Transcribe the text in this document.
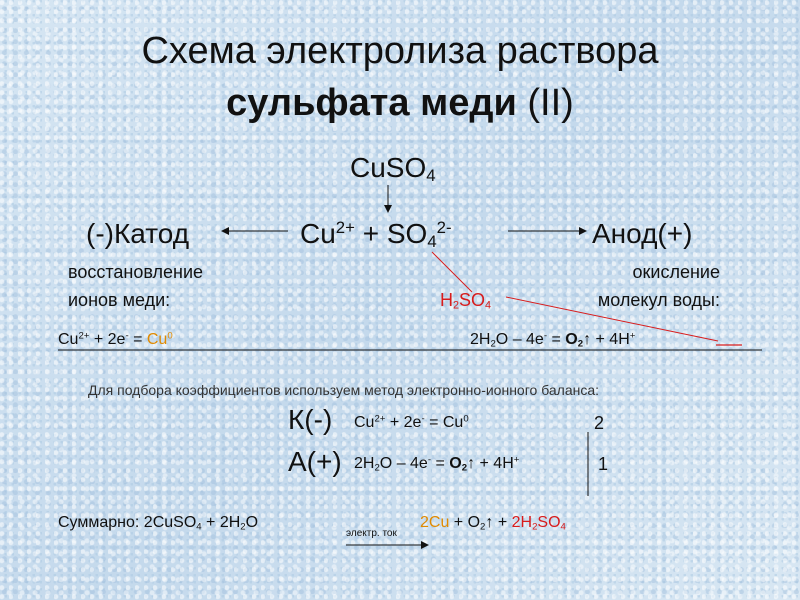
Схема электролиза раствора
сульфата меди (II)
CuSO$_4$
(-)Катод	$Cu^{2+} + SO_4^{2-}$	Анод(+)
восстановление
ионов меди:
окисление
молекул воды:
$H_2SO_4$
$Cu^{2+} + 2e^- = Cu^0$	$2H_2O - 4e^-$ = $O_2↑ + 4H^+$
Для подбора коэффициентов используем метод электронно-ионного баланса:
К(-) $Cu^{2+} + 2e^- = Cu^0$	2
А(+) $2H_2O - 4e^-$ = $O_2↑ + 4H^+$	1
Суммарно: 2CuSO$_4$ + $2H_2O$
электр. ток
$2Cu + O_2↑ + 2H_2SO_4$
